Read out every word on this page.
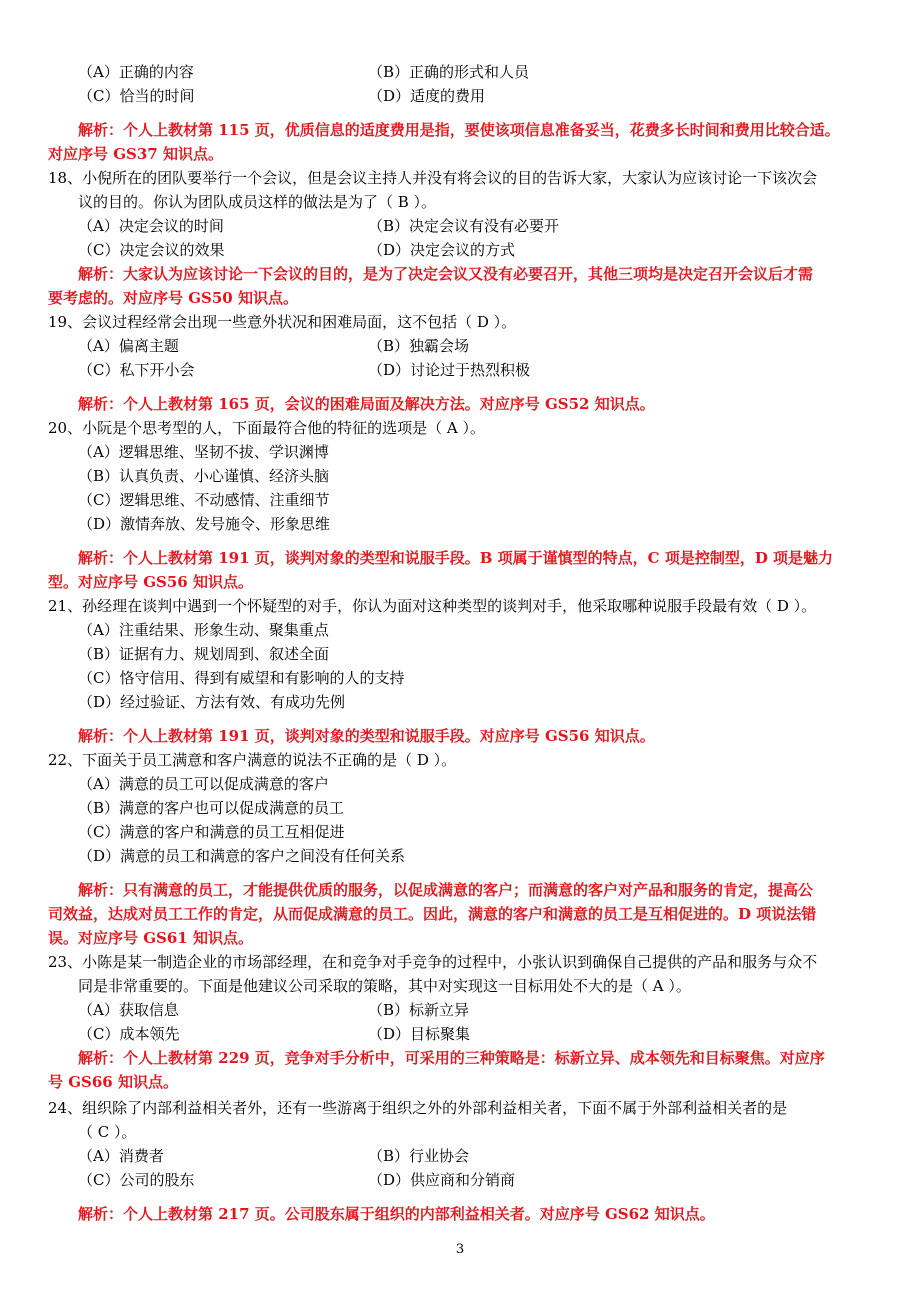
（A）正确的内容	（B）正确的形式和人员
（C）恰当的时间	（D）适度的费用
解析：个人上教材第 115 页，优质信息的适度费用是指，要使该项信息准备妥当，花费多长时间和费用比较合适。
对应序号 GS37 知识点。
18、小倪所在的团队要举行一个会议，但是会议主持人并没有将会议的目的告诉大家，大家认为应该讨论一下该次会
议的目的。你认为团队成员这样的做法是为了（ B ）。
（A）决定会议的时间	（B）决定会议有没有必要开
（C）决定会议的效果	（D）决定会议的方式
解析：大家认为应该讨论一下会议的目的，是为了决定会议又没有必要召开，其他三项均是决定召开会议后才需
要考虑的。对应序号 GS50 知识点。
19、会议过程经常会出现一些意外状况和困难局面，这不包括（ D ）。
（A）偏离主题	（B）独霸会场
（C）私下开小会	（D）讨论过于热烈积极
解析：个人上教材第 165 页，会议的困难局面及解决方法。对应序号 GS52 知识点。
20、小阮是个思考型的人，下面最符合他的特征的选项是（ A ）。
（A）逻辑思维、坚韧不拔、学识渊博
（B）认真负责、小心谨慎、经济头脑
（C）逻辑思维、不动感情、注重细节
（D）激情奔放、发号施令、形象思维
解析：个人上教材第 191 页，谈判对象的类型和说服手段。B 项属于谨慎型的特点，C 项是控制型，D 项是魅力
型。对应序号 GS56 知识点。
21、孙经理在谈判中遇到一个怀疑型的对手，你认为面对这种类型的谈判对手，他采取哪种说服手段最有效（ D ）。
（A）注重结果、形象生动、聚集重点
（B）证据有力、规划周到、叙述全面
（C）恪守信用、得到有威望和有影响的人的支持
（D）经过验证、方法有效、有成功先例
解析：个人上教材第 191 页，谈判对象的类型和说服手段。对应序号 GS56 知识点。
22、下面关于员工满意和客户满意的说法不正确的是（ D ）。
（A）满意的员工可以促成满意的客户
（B）满意的客户也可以促成满意的员工
（C）满意的客户和满意的员工互相促进
（D）满意的员工和满意的客户之间没有任何关系
解析：只有满意的员工，才能提供优质的服务，以促成满意的客户；而满意的客户对产品和服务的肯定，提高公
司效益，达成对员工工作的肯定，从而促成满意的员工。因此，满意的客户和满意的员工是互相促进的。D 项说法错
误。对应序号 GS61 知识点。
23、小陈是某一制造企业的市场部经理，在和竞争对手竞争的过程中，小张认识到确保自己提供的产品和服务与众不
同是非常重要的。下面是他建议公司采取的策略，其中对实现这一目标用处不大的是（ A ）。
（A）获取信息	（B）标新立异
（C）成本领先	（D）目标聚集
解析：个人上教材第 229 页，竞争对手分析中，可采用的三种策略是：标新立异、成本领先和目标聚焦。对应序
号 GS66 知识点。
24、组织除了内部利益相关者外，还有一些游离于组织之外的外部利益相关者，下面不属于外部利益相关者的是
（ C ）。
（A）消费者	（B）行业协会
（C）公司的股东	（D）供应商和分销商
解析：个人上教材第 217 页。公司股东属于组织的内部利益相关者。对应序号 GS62 知识点。
3
